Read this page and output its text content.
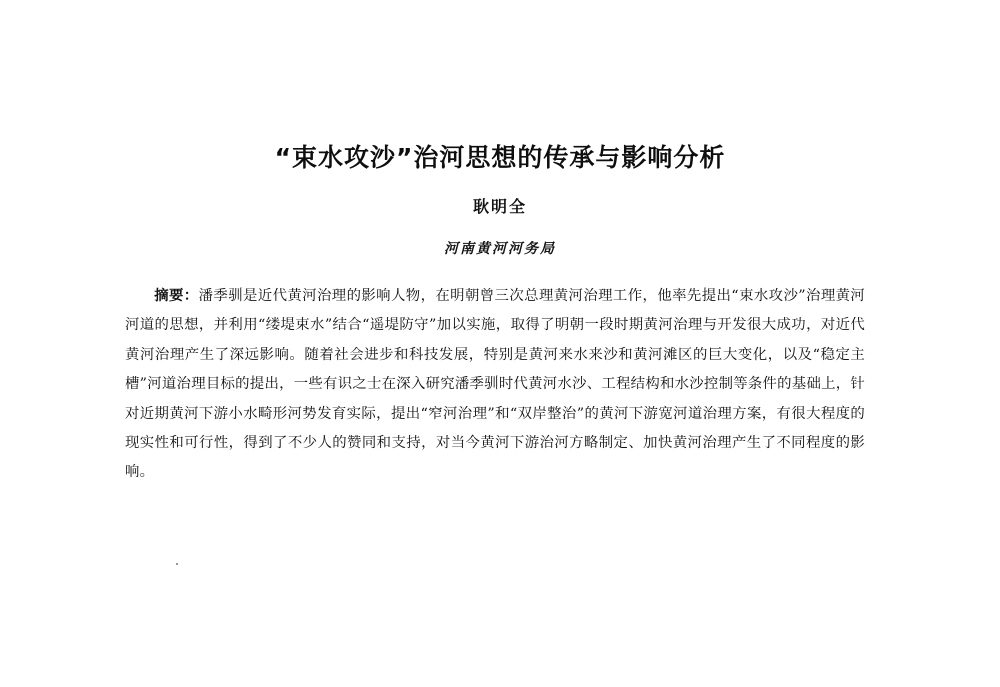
“束水攻沙”治河思想的传承与影响分析
耿明全
河南黄河河务局
摘要：潘季驯是近代黄河治理的影响人物，在明朝曾三次总理黄河治理工作，他率先提出“束水攻沙”治理黄河河道的思想，并利用“缕堤束水”结合“遥堤防守”加以实施，取得了明朝一段时期黄河治理与开发很大成功，对近代黄河治理产生了深远影响。随着社会进步和科技发展，特别是黄河来水来沙和黄河滩区的巨大变化，以及“稳定主槽”河道治理目标的提出，一些有识之士在深入研究潘季驯时代黄河水沙、工程结构和水沙控制等条件的基础上，针对近期黄河下游小水畸形河势发育实际，提出“窄河治理”和“双岸整治”的黄河下游宽河道治理方案，有很大程度的现实性和可行性，得到了不少人的赞同和支持，对当今黄河下游治河方略制定、加快黄河治理产生了不同程度的影响。
